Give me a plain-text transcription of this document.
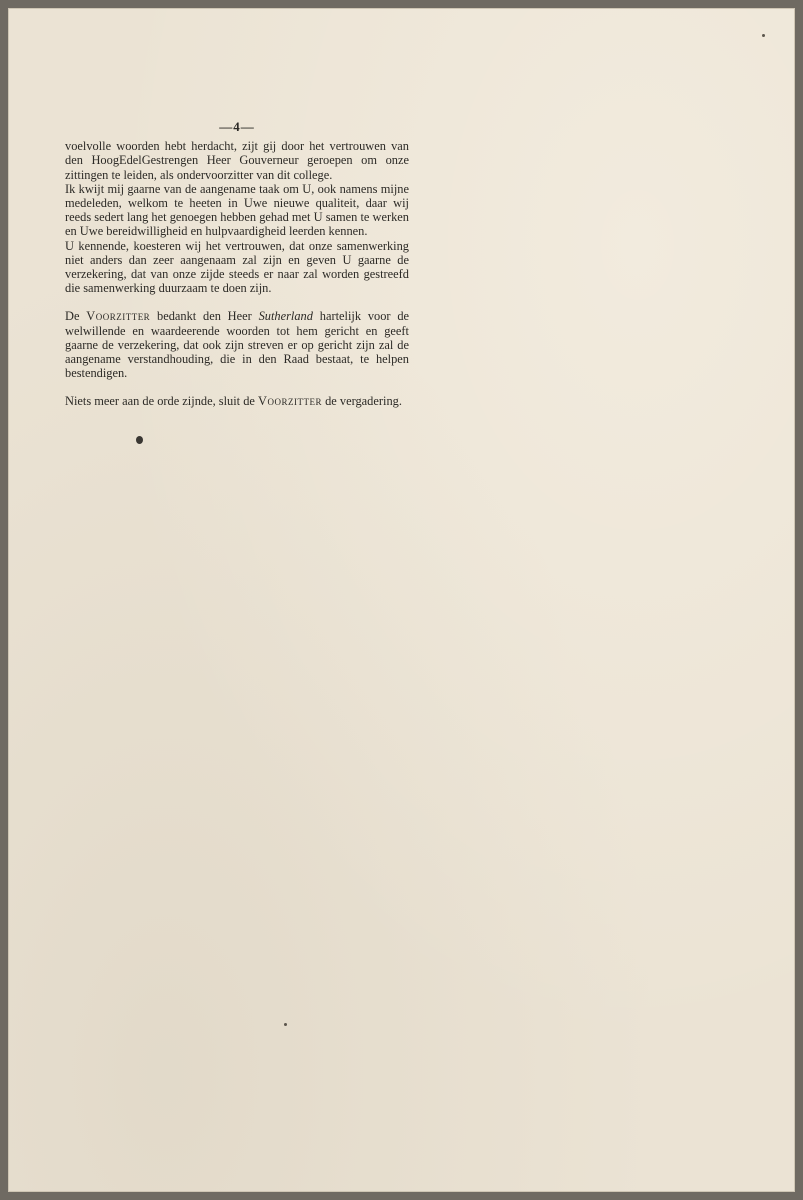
—4—

voelvolle woorden hebt herdacht, zijt gij door het vertrouwen van den HoogEdelGestrengen Heer Gouverneur geroepen om onze zittingen te leiden, als ondervoorzitter van dit college.

Ik kwijt mij gaarne van de aangename taak om U, ook namens mijne medeleden, welkom te heeten in Uwe nieuwe qualiteit, daar wij reeds sedert lang het genoegen hebben gehad met U samen te werken en Uwe bereidwilligheid en hulpvaardigheid leerden kennen.

U kennende, koesteren wij het vertrouwen, dat onze samenwerking niet anders dan zeer aangenaam zal zijn en geven U gaarne de verzekering, dat van onze zijde steeds er naar zal worden gestreefd die samenwerking duurzaam te doen zijn.

De Voorzitter bedankt den Heer Sutherland hartelijk voor de welwillende en waardeerende woorden tot hem gericht en geeft gaarne de verzekering, dat ook zijn streven er op gericht zijn zal de aangename verstandhouding, die in den Raad bestaat, te helpen bestendigen.

Niets meer aan de orde zijnde, sluit de Voorzitter de vergadering.
